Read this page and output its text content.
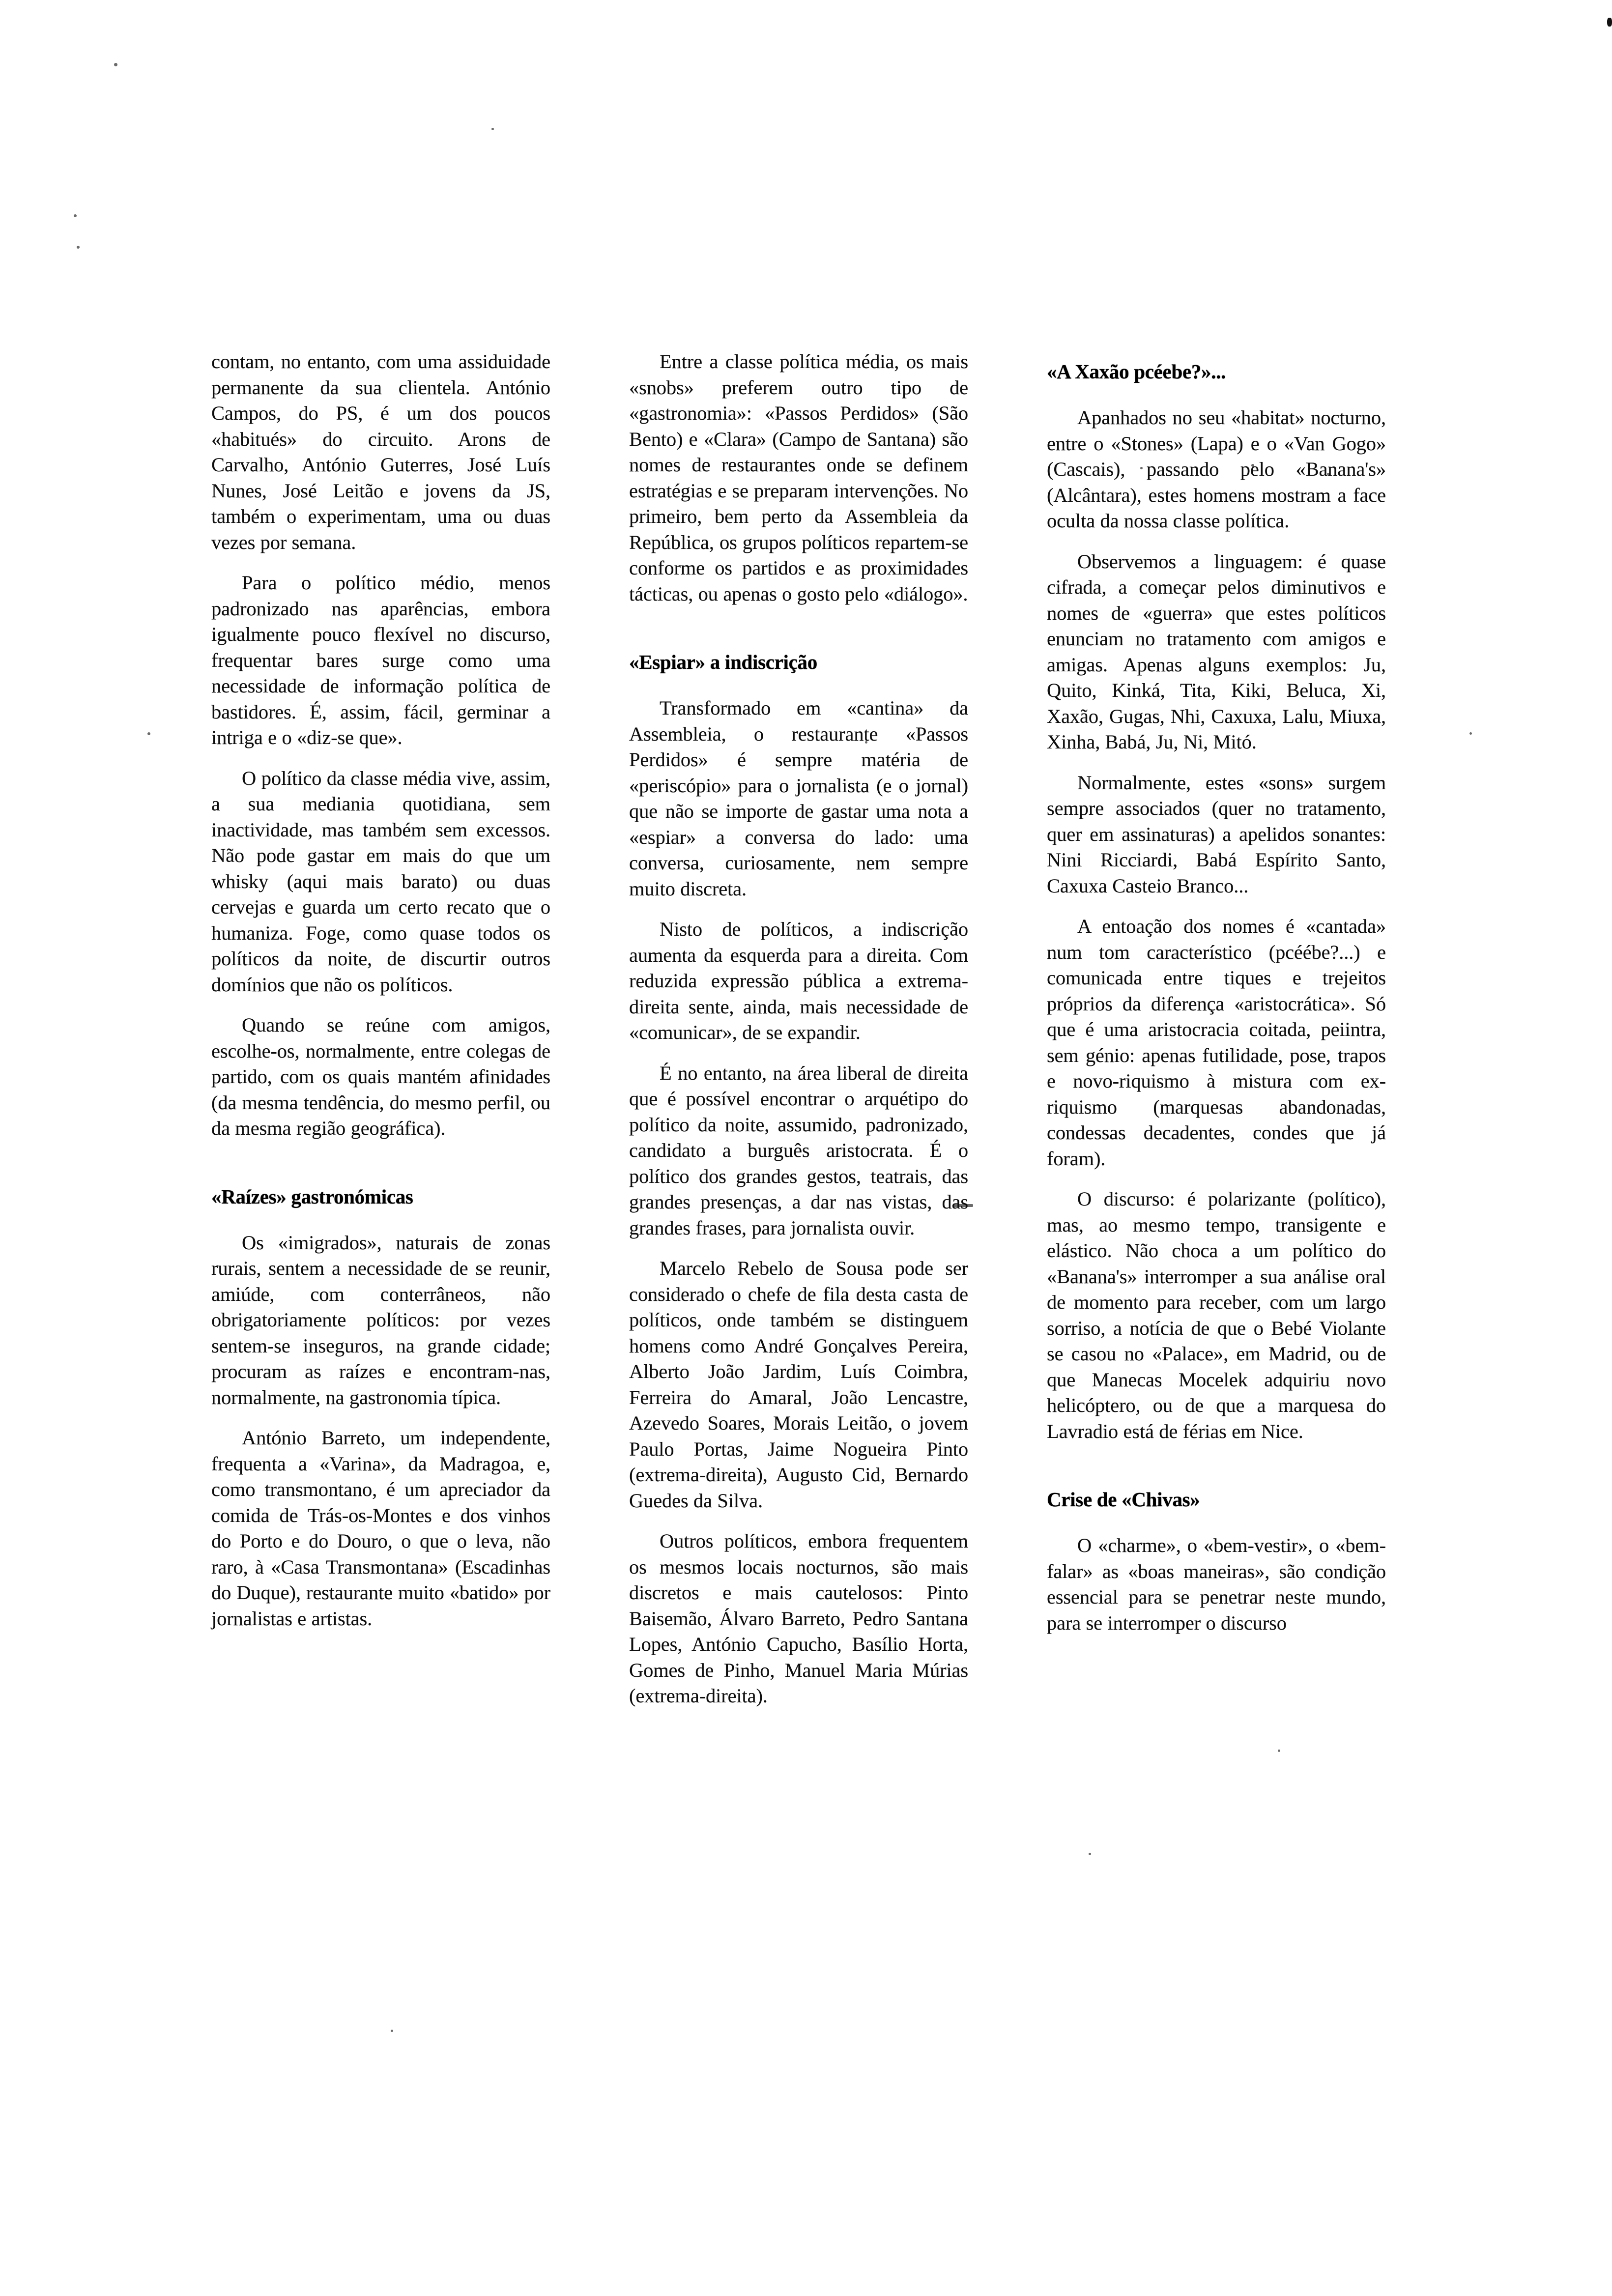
contam, no entanto, com uma assiduidade permanente da sua clientela. António Campos, do PS, é um dos poucos «habitués» do circuito. Arons de Carvalho, António Guterres, José Luís Nunes, José Leitão e jovens da JS, também o experimentam, uma ou duas vezes por semana.

Para o político médio, menos padronizado nas aparências, embora igualmente pouco flexível no discurso, frequentar bares surge como uma necessidade de informação política de bastidores. É, assim, fácil, germinar a intriga e o «diz-se que».

O político da classe média vive, assim, a sua mediania quotidiana, sem inactividade, mas também sem excessos. Não pode gastar em mais do que um whisky (aqui mais barato) ou duas cervejas e guarda um certo recato que o humaniza. Foge, como quase todos os políticos da noite, de discurtir outros domínios que não os políticos.

Quando se reúne com amigos, escolhe-os, normalmente, entre colegas de partido, com os quais mantém afinidades (da mesma tendência, do mesmo perfil, ou da mesma região geográfica).

«Raízes» gastronómicas

Os «imigrados», naturais de zonas rurais, sentem a necessidade de se reunir, amiúde, com conterrâneos, não obrigatoriamente políticos: por vezes sentem-se inseguros, na grande cidade; procuram as raízes e encontram-nas, normalmente, na gastronomia típica.

António Barreto, um independente, frequenta a «Varina», da Madragoa, e, como transmontano, é um apreciador da comida de Trás-os-Montes e dos vinhos do Porto e do Douro, o que o leva, não raro, à «Casa Transmontana» (Escadinhas do Duque), restaurante muito «batido» por jornalistas e artistas.

Entre a classe política média, os mais «snobs» preferem outro tipo de «gastronomia»: «Passos Perdidos» (São Bento) e «Clara» (Campo de Santana) são nomes de restaurantes onde se definem estratégias e se preparam intervenções. No primeiro, bem perto da Assembleia da República, os grupos políticos repartem-se conforme os partidos e as proximidades tácticas, ou apenas o gosto pelo «diálogo».

«Espiar» a indiscrição

Transformado em «cantina» da Assembleia, o restaurante «Passos Perdidos» é sempre matéria de «periscópio» para o jornalista (e o jornal) que não se importe de gastar uma nota a «espiar» a conversa do lado: uma conversa, curiosamente, nem sempre muito discreta.

Nisto de políticos, a indiscrição aumenta da esquerda para a direita. Com reduzida expressão pública a extrema-direita sente, ainda, mais necessidade de «comunicar», de se expandir.

É no entanto, na área liberal de direita que é possível encontrar o arquétipo do político da noite, assumido, padronizado, candidato a burguês aristocrata. É o político dos grandes gestos, teatrais, das grandes presenças, a dar nas vistas, das grandes frases, para jornalista ouvir.

Marcelo Rebelo de Sousa pode ser considerado o chefe de fila desta casta de políticos, onde também se distinguem homens como André Gonçalves Pereira, Alberto João Jardim, Luís Coimbra, Ferreira do Amaral, João Lencastre, Azevedo Soares, Morais Leitão, o jovem Paulo Portas, Jaime Nogueira Pinto (extrema-direita), Augusto Cid, Bernardo Guedes da Silva.

Outros políticos, embora frequentem os mesmos locais nocturnos, são mais discretos e mais cautelosos: Pinto Baisemão, Álvaro Barreto, Pedro Santana Lopes, António Capucho, Basílio Horta, Gomes de Pinho, Manuel Maria Múrias (extrema-direita).

«A Xaxão pcéebe?»...

Apanhados no seu «habitat» nocturno, entre o «Stones» (Lapa) e o «Van Gogo» (Cascais), passando pelo «Banana's» (Alcântara), estes homens mostram a face oculta da nossa classe política.

Observemos a linguagem: é quase cifrada, a começar pelos diminutivos e nomes de «guerra» que estes políticos enunciam no tratamento com amigos e amigas. Apenas alguns exemplos: Ju, Quito, Kinká, Tita, Kiki, Beluca, Xi, Xaxão, Gugas, Nhi, Caxuxa, Lalu, Miuxa, Xinha, Babá, Ju, Ni, Mitó.

Normalmente, estes «sons» surgem sempre associados (quer no tratamento, quer em assinaturas) a apelidos sonantes: Nini Ricciardi, Babá Espírito Santo, Caxuxa Casteio Branco...

A entoação dos nomes é «cantada» num tom característico (pcéébe?...) e comunicada entre tiques e trejeitos próprios da diferença «aristocrática». Só que é uma aristocracia coitada, peiintra, sem génio: apenas futilidade, pose, trapos e novo-riquismo à mistura com ex-riquismo (marquesas abandonadas, condessas decadentes, condes que já foram).

O discurso: é polarizante (político), mas, ao mesmo tempo, transigente e elástico. Não choca a um político do «Banana's» interromper a sua análise oral de momento para receber, com um largo sorriso, a notícia de que o Bebé Violante se casou no «Palace», em Madrid, ou de que Manecas Mocelek adquiriu novo helicóptero, ou de que a marquesa do Lavradio está de férias em Nice.

Crise de «Chivas»

O «charme», o «bem-vestir», o «bem-falar» as «boas maneiras», são condição essencial para se penetrar neste mundo, para se interromper o discurso
